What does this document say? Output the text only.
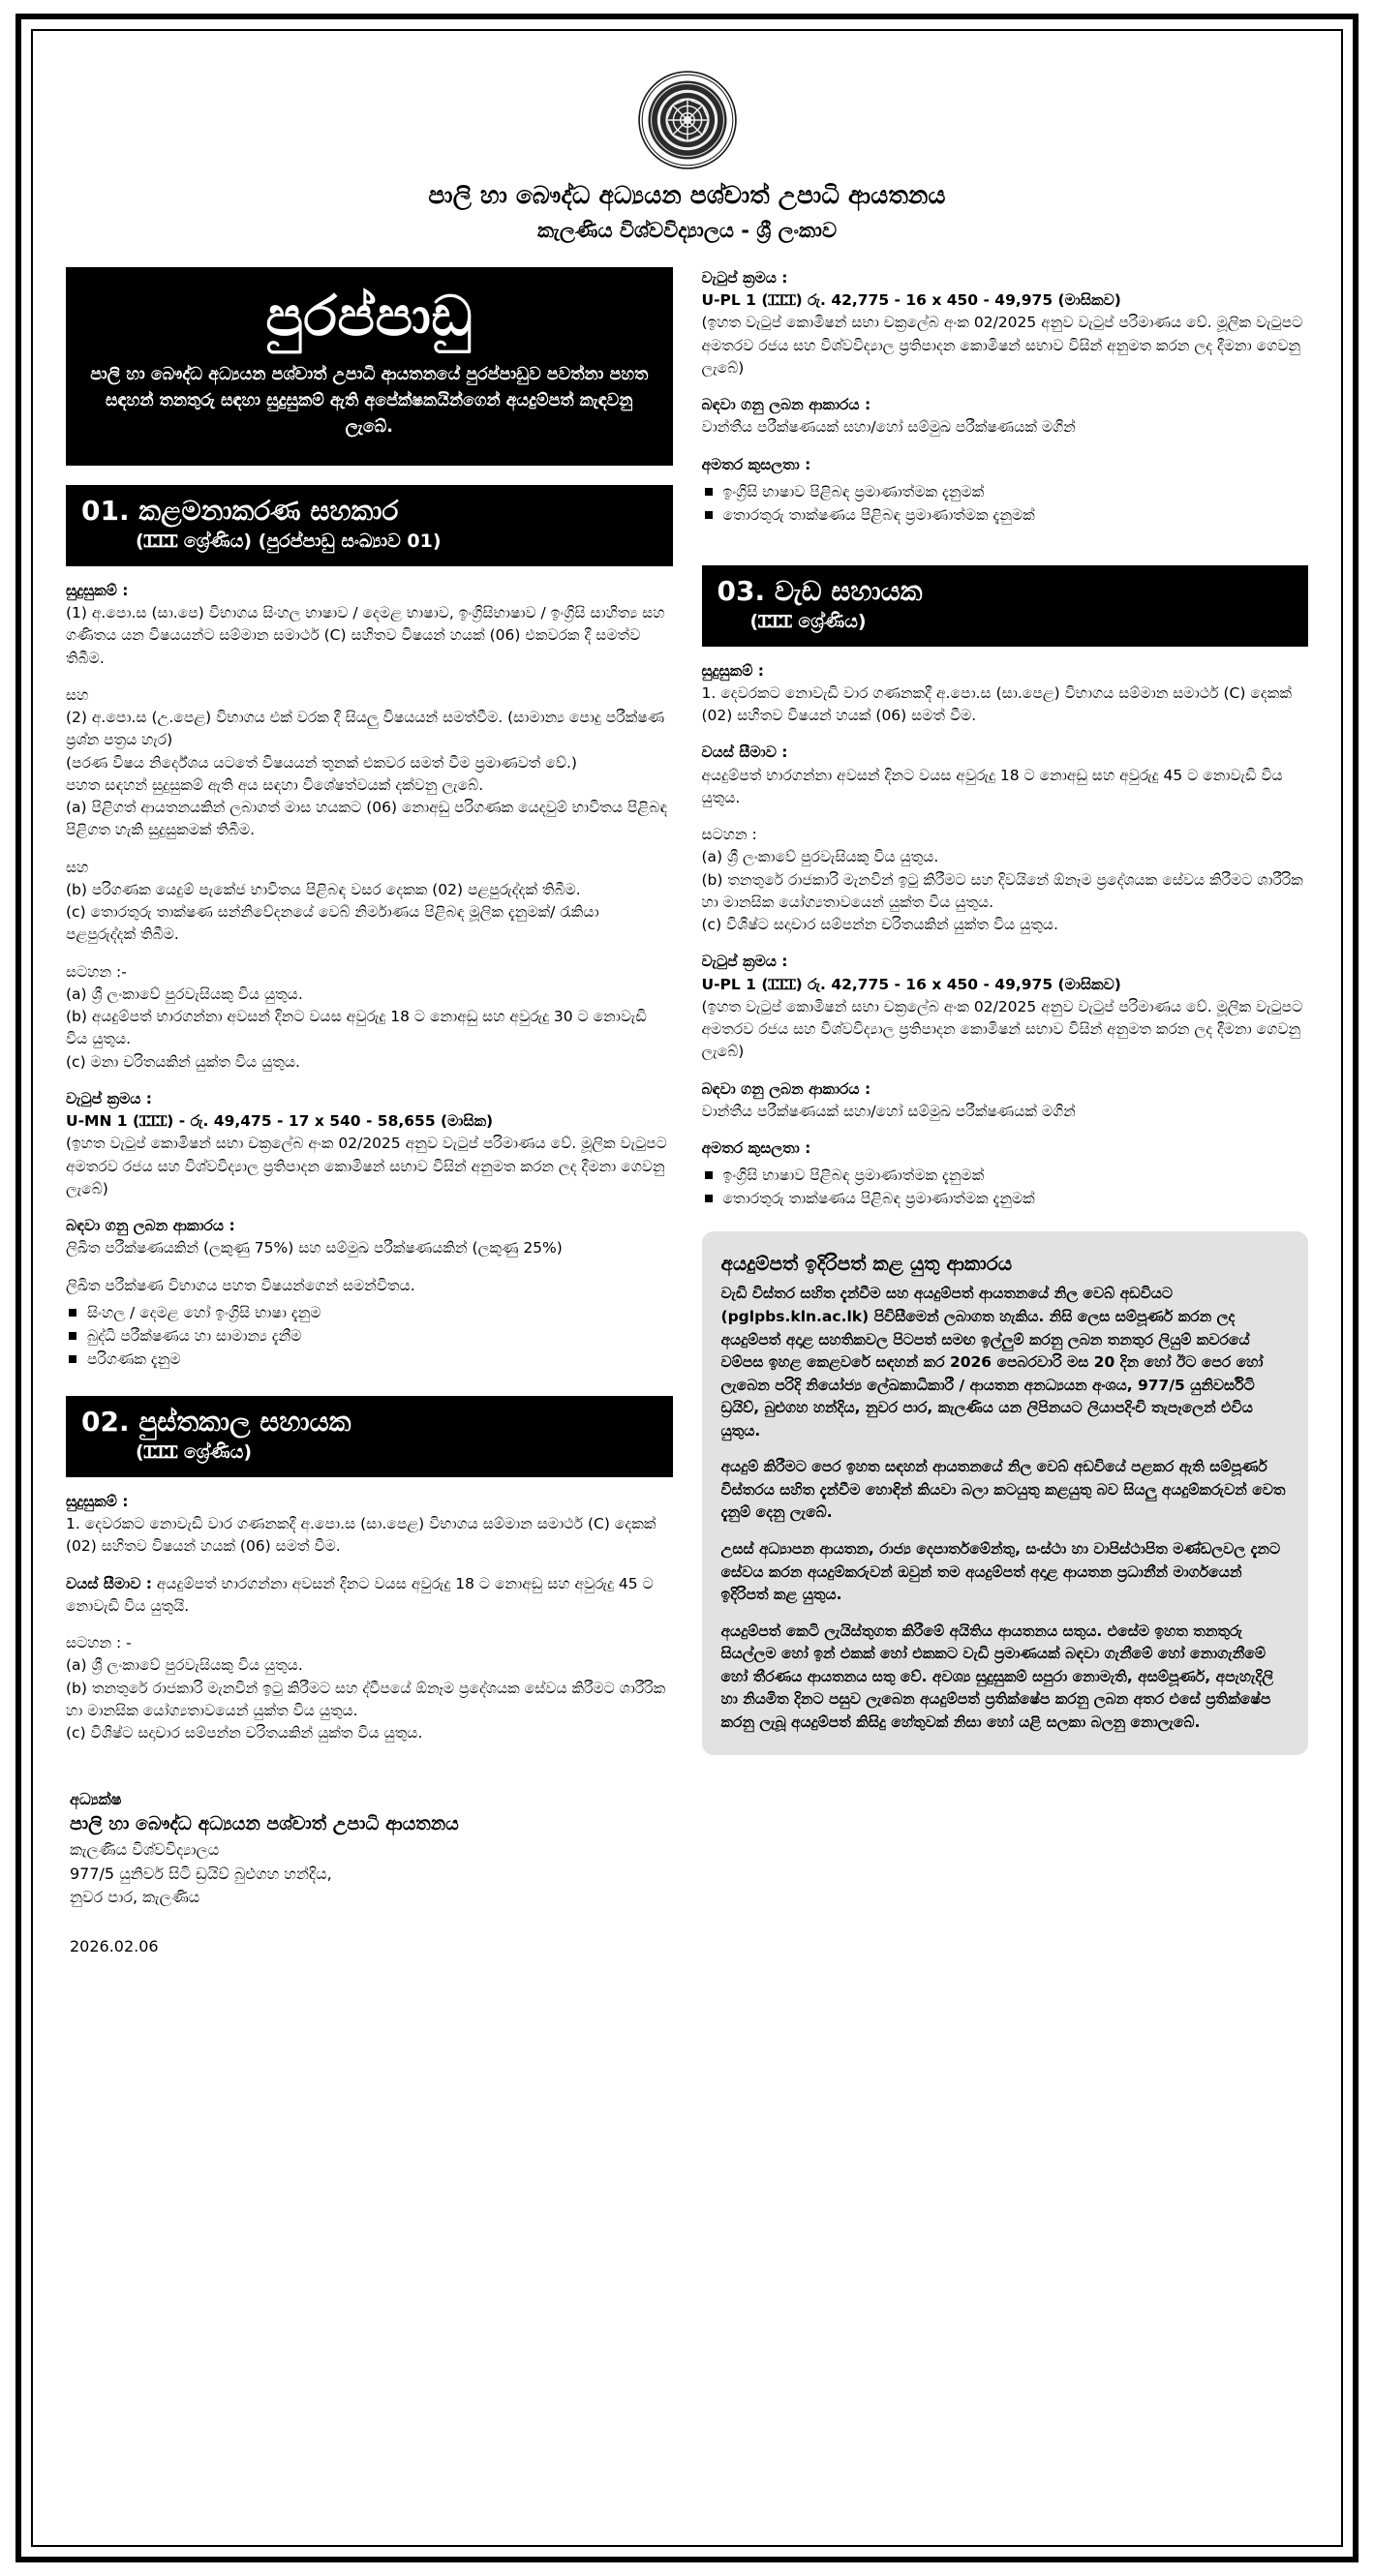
පාලි හා බෞද්ධ අධ්‍යයන පශ්චාත් උපාධි ආයතනය
කැලණිය විශ්වවිද්‍යාලය - ශ්‍රී ලංකාව
පුරප්පාඩු
පාලි හා බෞද්ධ අධ්‍යයන පශ්චාත් උපාධි ආයතනයේ පුරප්පාඩුව පවත්නා පහත සඳහන් තනතුරු සඳහා සුදුසුකම් ඇති අපේක්ෂකයින්ගෙන් අයදුම්පත් කැඳවනු ලැබේ.
01. කළමනාකරණ සහකාර
(ꞮꞮꞮ ශ්‍රේණිය) (පුරප්පාඩු සංඛ්‍යාව 01)
සුදුසුකම් :
(1) අ.පො.ස (සා.පෙ) විභාගය සිංහල භාෂාව / දෙමළ භාෂාව, ඉංග්‍රිසිභාෂාව / ඉංග්‍රිසි සාහිත්‍ය සහ ගණිතය යන විෂයයන්ට සම්මාන සමාර්ථ (C) සහිතව විෂයන් හයක් (06) එකවරක දී සමත්ව තිබීම.
සහ
(2) අ.පො.ස (උ.පෙළ) විභාගය එක් වරක දී සියලු විෂයයන් සමත්වීම. (සාමාන්‍ය පොදු පරීක්ෂණ ප්‍රශ්න පත්‍රය හැර)
(පරණ විෂය නිර්දේශය යටතේ විෂයයන් තුනක් එකවර සමත් වීම ප්‍රමාණවත් වේ.)
පහත සඳහන් සුදුසුකම් ඇති අය සඳහා විශේෂත්වයක් දක්වනු ලැබේ.
(a) පිළිගත් ආයතනයකින් ලබාගත් මාස හයකට (06) නොඅඩු පරිගණක යෙදවුම් භාවිතය පිළිබඳ පිළිගත හැකි සුදුසුකමක් තිබීම.
සහ
(b) පරිගණක යෙදුම් පැකේජ භාවිතය පිළිබඳ වසර දෙකක (02) පළපුරුද්දක් තිබීම.
(c) තොරතුරු තාක්ෂණ සන්නිවේදනයේ වෙබ් නිර්මාණය පිළිබඳ මූලික දැනුමක්/ රැකියා පළපුරුද්දක් තිබීම.
සටහන :-
(a) ශ්‍රී ලංකාවේ පුරවැසියකු විය යුතුය.
(b) අයදුම්පත් භාරගන්නා අවසන් දිනට වයස අවුරුදු 18 ට නොඅඩු සහ අවුරුදු 30 ට නොවැඩි විය යුතුය.
(c) මනා චරිතයකින් යුක්ත විය යුතුය.
වැටුප් ක්‍රමය :
U-MN 1 (ꞮꞮꞮ) - රු. 49,475 - 17 x 540 - 58,655 (මාසික)
(ඉහත වැටුප් කොමිෂන් සභා චක්‍රලේබ අංක 02/2025 අනුව වැටුප් පරිමාණය වේ. මූලික වැටුපට අමතරව රජය සහ විශ්වවිද්‍යාල ප්‍රතිපාදන කොමිෂන් සභාව විසින් අනුමත කරන ලද දීමනා ගෙවනු ලැබේ)
බඳවා ගනු ලබන ආකාරය :
ලිඛිත පරීක්ෂණයකින් (ලකුණු 75%) සහ සම්මුඛ පරීක්ෂණයකින් (ලකුණු 25%)
ලිඛිත පරීක්ෂණ විභාගය පහත විෂයන්ගෙන් සමන්විතය.
සිංහල / දෙමළ හෝ ඉංග්‍රිසි භාෂා දැනුම
බුද්ධි පරීක්ෂණය හා සාමාන්‍ය දැනීම
පරිගණක දැනුම
02. පුස්තකාල සහායක
(ꞮꞮꞮ ශ්‍රේණිය)
සුදුසුකම් :
1. දෙවරකට නොවැඩි වාර ගණනකදී අ.පො.ස (සා.පෙළ) විභාගය සම්මාන සමාර්ථ (C) දෙකක් (02) සහිතව විෂයන් හයක් (06) සමත් වීම.
වයස් සීමාව : අයදුම්පත් භාරගන්නා අවසන් දිනට වයස අවුරුදු 18 ට නොඅඩු සහ අවුරුදු 45 ට නොවැඩි විය යුතුයි.
සටහන : -
(a) ශ්‍රී ලංකාවේ පුරවැසියකු විය යුතුය.
(b) තනතුරේ රාජකාරි මැනවින් ඉටු කිරීමට සහ ද්වීපයේ ඕනෑම ප්‍රදේශයක සේවය කිරීමට ශාරීරික හා මානසික යෝග්‍යතාවයෙන් යුක්ත විය යුතුය.
(c) විශිෂ්ට සදාචාර සම්පන්න චරිතයකින් යුක්ත විය යුතුය.
වැටුප් ක්‍රමය :
U-PL 1 (ꞮꞮꞮ) රු. 42,775 - 16 x 450 - 49,975 (මාසිකව)
(ඉහත වැටුප් කොමිෂන් සභා චක්‍රලේබ අංක 02/2025 අනුව වැටුප් පරිමාණය වේ. මූලික වැටුපට අමතරව රජය සහ විශ්වවිද්‍යාල ප්‍රතිපාදන කොමිෂන් සභාව විසින් අනුමත කරන ලද දීමනා ගෙවනු ලැබේ)
බඳවා ගනු ලබන ආකාරය :
වාන්තීය පරීක්ෂණයක් සහා/හෝ සම්මුඛ පරීක්ෂණයක් මගින්
අමතර කුසලතා :
ඉංග්‍රිසි භාෂාව පිළිබඳ ප්‍රමාණාත්මක දැනුමක්
තොරතුරු තාක්ෂණය පිළිබඳ ප්‍රමාණාත්මක දැනුමක්
03. වැඩ සහායක
(ꞮꞮꞮ ශ්‍රේණිය)
සුදුසුකම් :
1. දෙවරකට නොවැඩි වාර ගණනකදී අ.පො.ස (සා.පෙළ) විභාගය සම්මාන සමාර්ථ (C) දෙකක් (02) සහිතව විෂයන් හයක් (06) සමත් වීම.
වයස් සීමාව :
අයදුම්පත් භාරගන්නා අවසන් දිනට වයස අවුරුදු 18 ට නොඅඩු සහ අවුරුදු 45 ට නොවැඩි විය යුතුය.
සටහන :
(a) ශ්‍රී ලංකාවේ පුරවැසියකු විය යුතුය.
(b) තනතුරේ රාජකාරි මැනවින් ඉටු කිරීමට සහ දිවයිනේ ඕනෑම ප්‍රදේශයක සේවය කිරීමට ශාරීරික හා මානසික යෝග්‍යතාවයෙන් යුක්ත විය යුතුය.
(c) විශිෂ්ට සදාචාර සම්පන්න චරිතයකින් යුක්ත විය යුතුය.
වැටුප් ක්‍රමය :
U-PL 1 (ꞮꞮꞮ) රු. 42,775 - 16 x 450 - 49,975 (මාසිකව)
(ඉහත වැටුප් කොමිෂන් සභා චක්‍රලේබ අංක 02/2025 අනුව වැටුප් පරිමාණය වේ. මූලික වැටුපට අමතරව රජය සහ විශ්වවිද්‍යාල ප්‍රතිපාදන කොමිෂන් සභාව විසින් අනුමත කරන ලද දීමනා ගෙවනු ලැබේ)
බඳවා ගනු ලබන ආකාරය :
වාන්තීය පරීක්ෂණයක් සහා/හෝ සම්මුඛ පරීක්ෂණයක් මගින්
අමතර කුසලතා :
ඉංග්‍රිසි භාෂාව පිළිබඳ ප්‍රමාණාත්මක දැනුමක්
තොරතුරු තාක්ෂණය පිළිබඳ ප්‍රමාණාත්මක දැනුමක්
අයදුම්පත් ඉදිරිපත් කළ යුතු ආකාරය

වැඩි විස්තර සහිත දැන්වීම සහ අයදුම්පත් ආයතනයේ නිල වෙබ් අඩවියට (pglpbs.kln.ac.lk) පිවිසීමෙන් ලබාගත හැකිය. නිසි ලෙස සම්පූර්ණ කරන ලද අයදුම්පත් අදාළ සහතිකවල පිටපත් සමඟ ඉල්ලුම් කරනු ලබන තනතුර ලියුම් කවරයේ වම්පස ඉහළ කෙළවරේ සඳහන් කර 2026 පෙබරවාරි මස 20 දින හෝ ඊට පෙර හෝ ලැබෙන පරිදි නියෝජ්‍ය ලේඛකාධිකාරී / ආයතන අනධ්‍යයන අංශය, 977/5 යුනිවර්සිටි ඩ්‍රයිව්, බුළුගහ හන්දිය, නුවර පාර, කැලණිය යන ලිපිනයට ලියාපදිංචි තැපෑලෙන් එවිය යුතුය.

අයදුම් කිරීමට පෙර ඉහත සඳහන් ආයතනයේ නිල වෙබ් අඩවියේ පළකර ඇති සම්පූර්ණ විස්තරය සහිත දැන්වීම හොඳින් කියවා බලා කටයුතු කළයුතු බව සියලු අයදුම්කරුවන් වෙත දැනුම් දෙනු ලැබේ.

උසස් අධ්‍යාපන ආයතන, රාජ්‍ය දෙපාර්තමේන්තු, සංස්ථා හා වාපිස්ථාපිත මණ්ඩලවල දැනට සේවය කරන අයදුම්කරුවන් ඔවුන් තම අයදුම්පත් අදාළ ආයතන ප්‍රධානීන් මාර්ගයෙන් ඉදිරිපත් කළ යුතුය.

අයදුම්පත් කෙටි ලැයිස්තුගත කිරීමේ අයිතිය ආයතනය සතුය. එසේම ඉහත තනතුරු සියල්ලම හෝ ඉන් එකක් හෝ එකකට වැඩි ප්‍රමාණයක් බඳවා ගැනීමේ හෝ නොගැනීමේ හෝ තීරණය ආයතනය සතු වේ. අවශ්‍ය සුදුසුකම් සපුරා නොමැති, අසම්පූර්ණ, අපැහැදිලි හා නියමිත දිනට පසුව ලැබෙන අයදුම්පත් ප්‍රතික්ෂේප කරනු ලබන අතර එසේ ප්‍රතික්ෂේප කරනු ලැබූ අයදුම්පත් කිසිදු හේතුවක් නිසා හෝ යළි සලකා බලනු නොලැබේ.

අධ්‍යක්ෂ
පාලි හා බෞද්ධ අධ්‍යයන පශ්චාත් උපාධි ආයතනය
කැලණිය විශ්වවිද්‍යාලය
977/5 යුනිවර් සිටි ඩ්‍රයිව් බුළුගහ හන්දිය,
නුවර පාර, කැලණිය
2026.02.06
